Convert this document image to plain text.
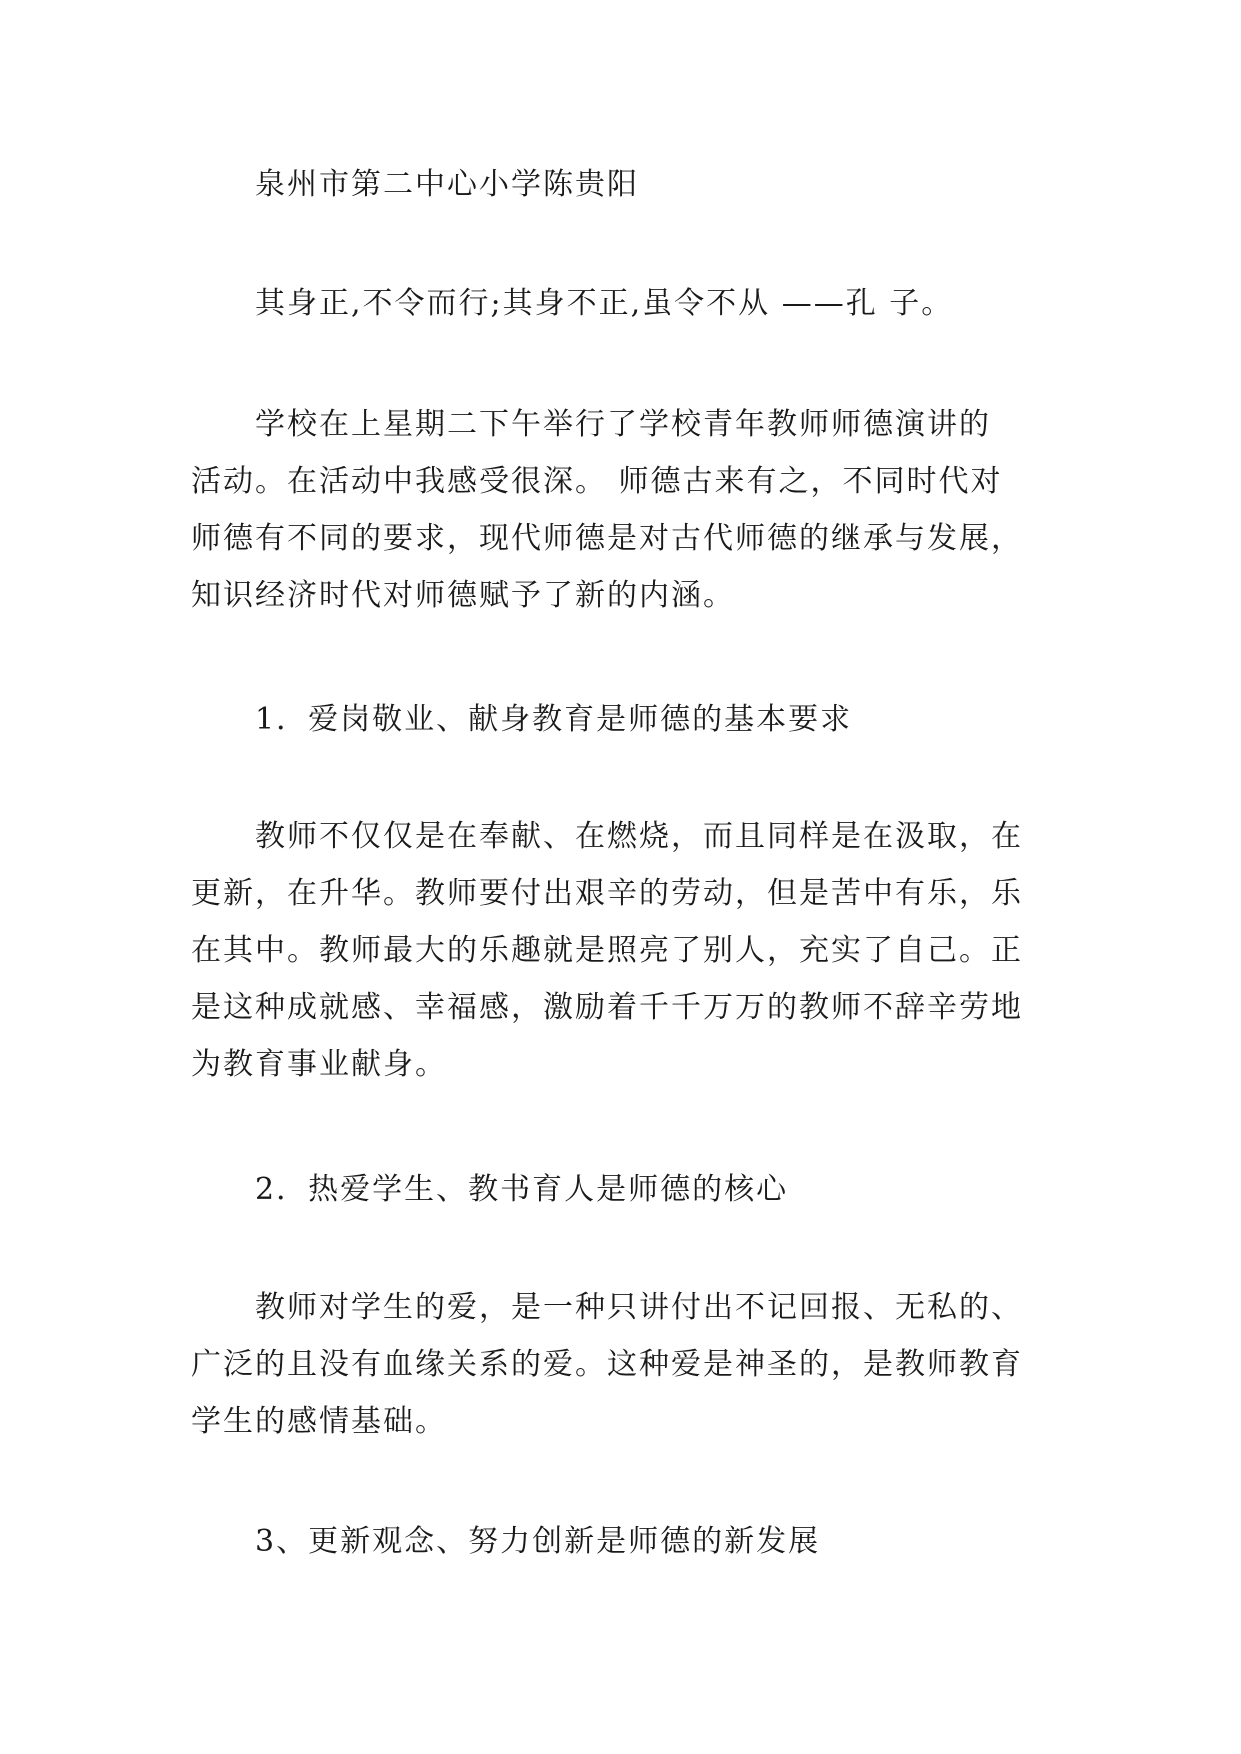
泉州市第二中心小学陈贵阳

其身正,不令而行;其身不正,虽令不从 ——孔 子。

学校在上星期二下午举行了学校青年教师师德演讲的
活动。在活动中我感受很深。 师德古来有之，不同时代对
师德有不同的要求，现代师德是对古代师德的继承与发展，
知识经济时代对师德赋予了新的内涵。

1．爱岗敬业、献身教育是师德的基本要求

教师不仅仅是在奉献、在燃烧，而且同样是在汲取，在
更新，在升华。教师要付出艰辛的劳动，但是苦中有乐，乐
在其中。教师最大的乐趣就是照亮了别人，充实了自己。正
是这种成就感、幸福感，激励着千千万万的教师不辞辛劳地
为教育事业献身。

2．热爱学生、教书育人是师德的核心

教师对学生的爱，是一种只讲付出不记回报、无私的、
广泛的且没有血缘关系的爱。这种爱是神圣的，是教师教育
学生的感情基础。

3、更新观念、努力创新是师德的新发展
